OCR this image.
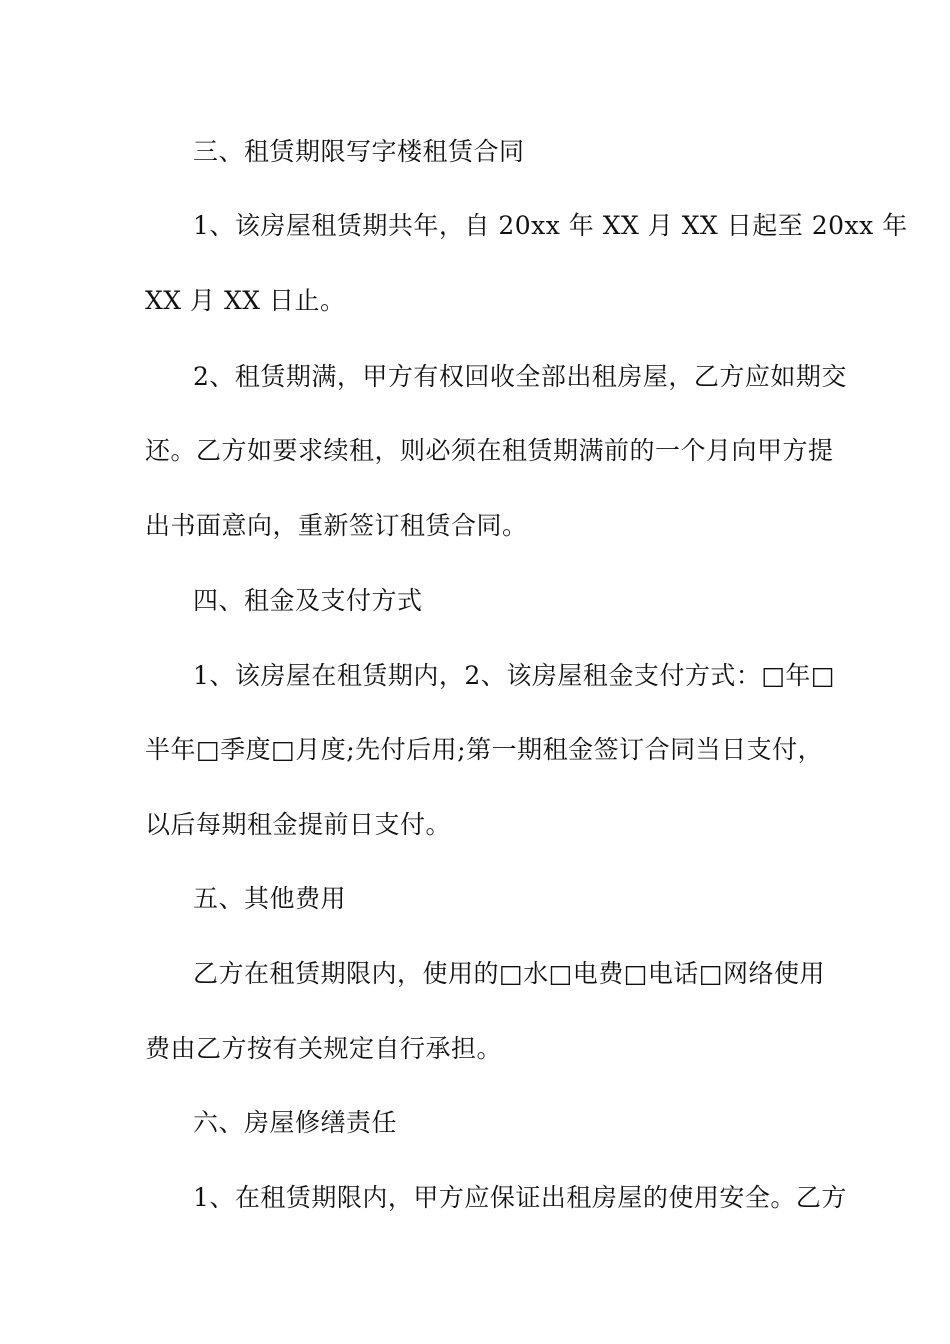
三、租赁期限写字楼租赁合同
1、该房屋租赁期共年，自 20xx 年 XX 月 XX 日起至 20xx 年
XX 月 XX 日止。
2、租赁期满，甲方有权回收全部出租房屋，乙方应如期交
还。乙方如要求续租，则必须在租赁期满前的一个月向甲方提
出书面意向，重新签订租赁合同。
四、租金及支付方式
1、该房屋在租赁期内，2、该房屋租金支付方式：□年□
半年□季度□月度;先付后用;第一期租金签订合同当日支付，
以后每期租金提前日支付。
五、其他费用
乙方在租赁期限内，使用的□水□电费□电话□网络使用
费由乙方按有关规定自行承担。
六、房屋修缮责任
1、在租赁期限内，甲方应保证出租房屋的使用安全。乙方
